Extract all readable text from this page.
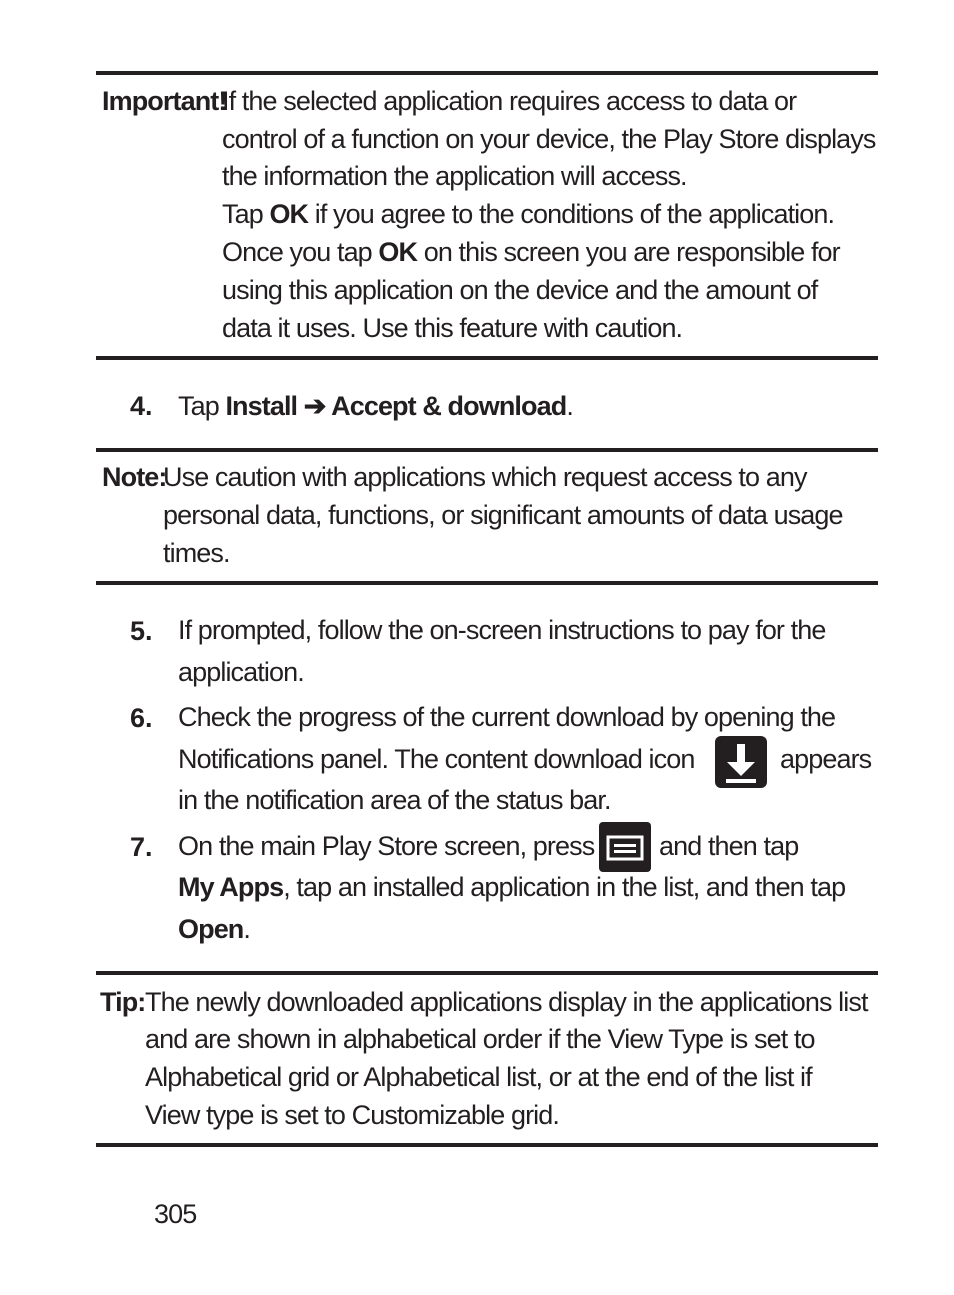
Important!
If the selected application requires access to data or
control of a function on your device, the Play Store displays
the information the application will access.
Tap OK if you agree to the conditions of the application.
Once you tap OK on this screen you are responsible for
using this application on the device and the amount of
data it uses. Use this feature with caution.
4. Tap Install ➔ Accept & download.
Note:
Use caution with applications which request access to any
personal data, functions, or significant amounts of data usage
times.
5. If prompted, follow the on-screen instructions to pay for the
application.
6. Check the progress of the current download by opening the
Notifications panel. The content download icon	appears
in the notification area of the status bar.
7. On the main Play Store screen, press and then tap
My Apps, tap an installed application in the list, and then tap
Open.
Tip: The newly downloaded applications display in the applications list
and are shown in alphabetical order if the View Type is set to
Alphabetical grid or Alphabetical list, or at the end of the list if
View type is set to Customizable grid.
305
